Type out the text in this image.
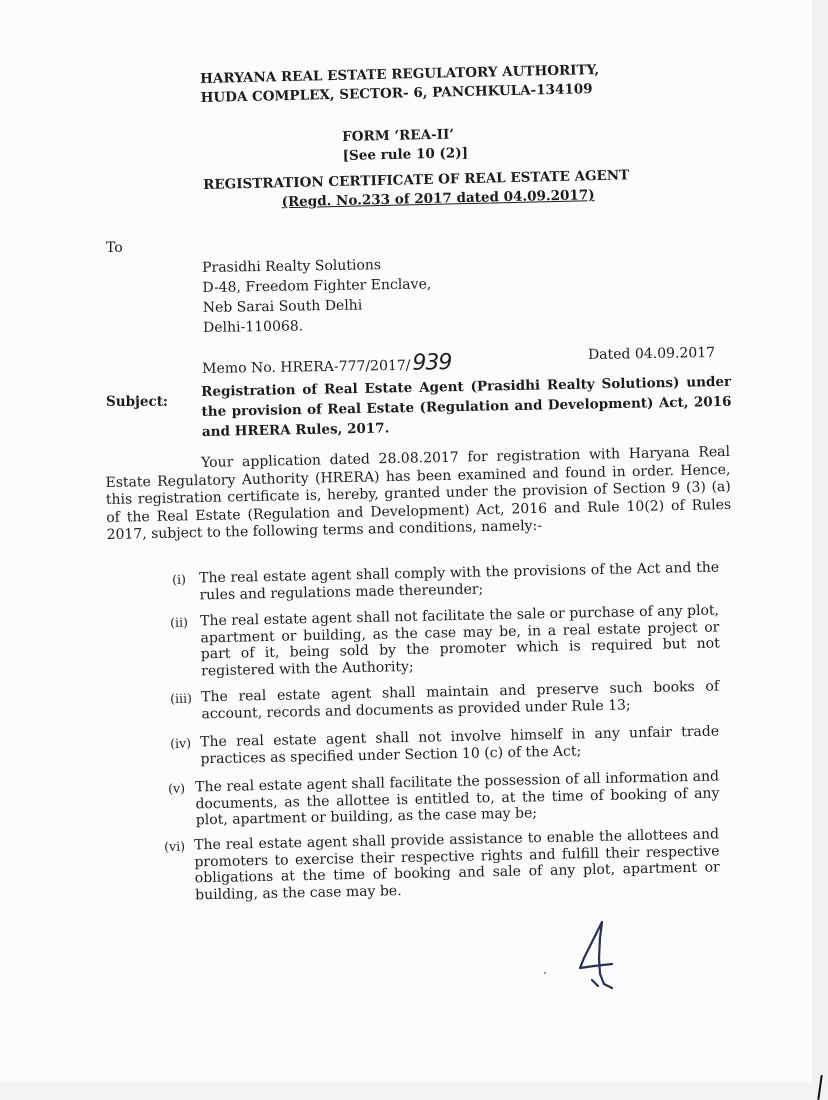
HARYANA REAL ESTATE REGULATORY AUTHORITY,
HUDA COMPLEX, SECTOR- 6, PANCHKULA-134109
FORM ‘REA-II’
[See rule 10 (2)]
REGISTRATION CERTIFICATE OF REAL ESTATE AGENT
(Regd. No.233 of 2017 dated 04.09.2017)
To
Prasidhi Realty Solutions
D-48, Freedom Fighter Enclave,
Neb Sarai South Delhi
Delhi-110068.
Memo No. HRERA-777/2017/939	Dated 04.09.2017
Subject:
Registration of Real Estate Agent (Prasidhi Realty Solutions) under the provision of Real Estate (Regulation and Development) Act, 2016 and HRERA Rules, 2017.
Your application dated 28.08.2017 for registration with Haryana Real Estate Regulatory Authority (HRERA) has been examined and found in order. Hence, this registration certificate is, hereby, granted under the provision of Section 9 (3) (a) of the Real Estate (Regulation and Development) Act, 2016 and Rule 10(2) of Rules 2017, subject to the following terms and conditions, namely:-
(i) The real estate agent shall comply with the provisions of the Act and the rules and regulations made thereunder;
(ii) The real estate agent shall not facilitate the sale or purchase of any plot, apartment or building, as the case may be, in a real estate project or part of it, being sold by the promoter which is required but not registered with the Authority;
(iii) The real estate agent shall maintain and preserve such books of account, records and documents as provided under Rule 13;
(iv) The real estate agent shall not involve himself in any unfair trade practices as specified under Section 10 (c) of the Act;
(v) The real estate agent shall facilitate the possession of all information and documents, as the allottee is entitled to, at the time of booking of any plot, apartment or building, as the case may be;
(vi) The real estate agent shall provide assistance to enable the allottees and promoters to exercise their respective rights and fulfill their respective obligations at the time of booking and sale of any plot, apartment or building, as the case may be.
